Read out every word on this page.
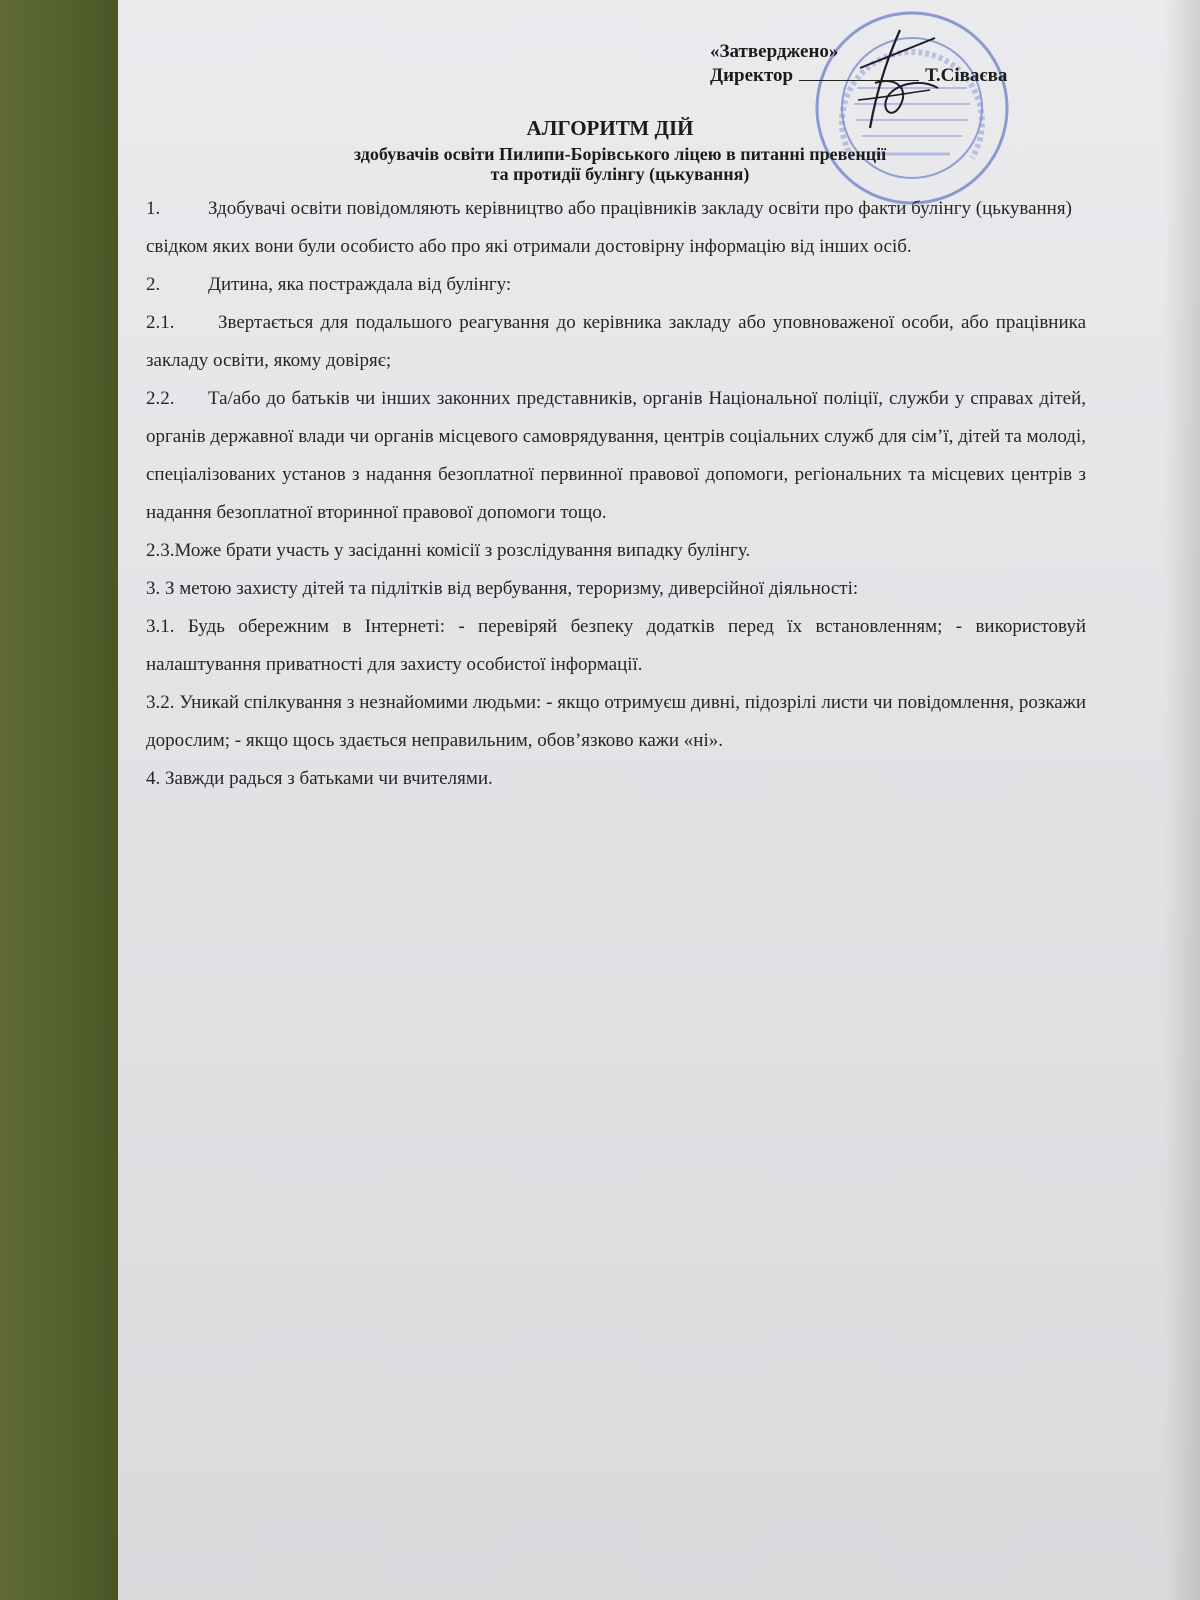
«Затверджено»
Директор	Т.Сіваєва
АЛГОРИТМ ДІЙ
здобувачів освіти Пилипи-Борівського ліцею в питанні превенції
та протидії булінгу (цькування)

1.	Здобувачі освіти повідомляють керівництво або працівників закладу освіти про факти булінгу (цькування) свідком яких вони були особисто або про які отримали достовірну інформацію від інших осіб.

2.	Дитина, яка постраждала від булінгу:

2.1. Звертається для подальшого реагування до керівника закладу або уповноваженої особи, або працівника закладу освіти, якому довіряє;

2.2. Та/або до батьків чи інших законних представників, органів Національної поліції, служби у справах дітей, органів державної влади чи органів місцевого самоврядування, центрів соціальних служб для сім’ї, дітей та молоді, спеціалізованих установ з надання безоплатної первинної правової допомоги, регіональних та місцевих центрів з надання безоплатної вторинної правової допомоги тощо.

2.3.Може брати участь у засіданні комісії з розслідування випадку булінгу.

3. З метою захисту дітей та підлітків від вербування, тероризму, диверсійної діяльності:

3.1. Будь обережним в Інтернеті: - перевіряй безпеку додатків перед їх встановленням; - використовуй налаштування приватності для захисту особистої інформації.

3.2. Уникай спілкування з незнайомими людьми: - якщо отримуєш дивні, підозрілі листи чи повідомлення, розкажи дорослим; - якщо щось здається неправильним, обов’язково кажи «ні».

4. Завжди радься з батьками чи вчителями.
